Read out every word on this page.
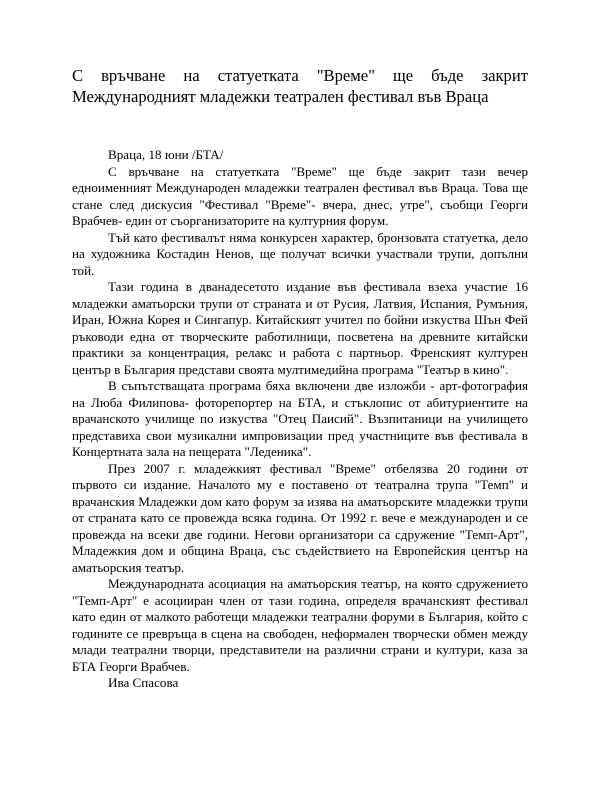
С връчване на статуетката "Време" ще бъде закрит Международният младежки театрален фестивал във Враца

Враца, 18 юни /БТА/

С връчване на статуетката "Време" ще бъде закрит тази вечер едноименният Международен младежки театрален фестивал във Враца. Това ще стане след дискусия "Фестивал "Време"- вчера, днес, утре", съобщи Георги Врабчев- един от съорганизаторите на културния форум.

Тъй като фестивалът няма конкурсен характер, бронзовата статуетка, дело на художника Костадин Ненов, ще получат всички участвали трупи, допълни той.

Тази година в дванадесетото издание във фестивала взеха участие 16 младежки аматьорски трупи от страната и от Русия, Латвия, Испания, Румъния, Иран, Южна Корея и Сингапур. Китайският учител по бойни изкуства Шън Фей ръководи една от творческите работилници, посветена на древните китайски практики за концентрация, релакс и работа с партньор. Френският културен център в България представи своята мултимедийна програма "Театър в кино".

В съпътстващата програма бяха включени две изложби - арт-фотография на Люба Филипова- фоторепортер на БТА, и стъклопис от абитуриентите на врачанското училище по изкуства "Отец Паисий". Възпитаници на училището представиха свои музикални импровизации пред участниците във фестивала в Концертната зала на пещерата "Леденика".

През 2007 г. младежкият фестивал "Време" отбелязва 20 години от първото си издание. Началото му е поставено от театрална трупа "Темп" и врачанския Младежки дом като форум за изява на аматьорските младежки трупи от страната като се провежда всяка година. От 1992 г. вече е международен и се провежда на всеки две години. Негови организатори са сдружение "Темп-Арт", Младежкия дом и община Враца, със съдействието на Европейския център на аматьорския театър.

Международната асоциация на аматьорския театър, на която сдружението "Темп-Арт" е асоцииран член от тази година, определя врачанският фестивал като един от малкото работещи младежки театрални форуми в България, който с годините се превръща в сцена на свободен, неформален творчески обмен между млади театрални творци, представители на различни страни и култури, каза за БТА Георги Врабчев.

Ива Спасова
